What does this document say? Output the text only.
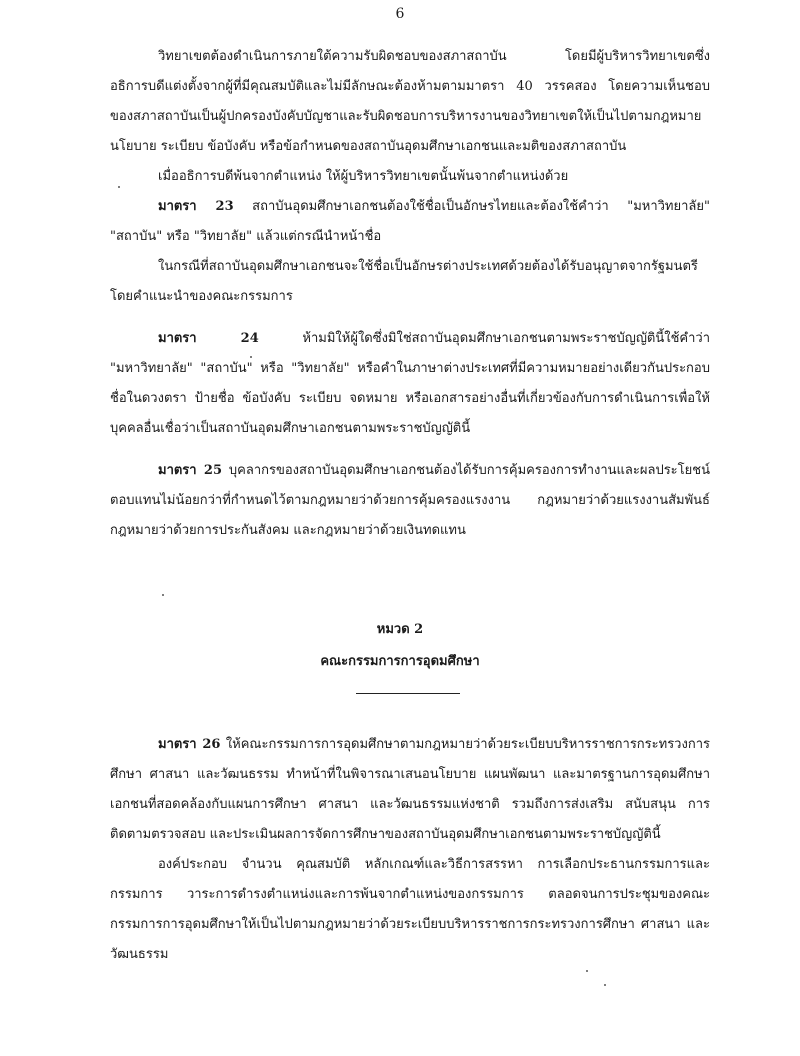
6

วิทยาเขตต้องดำเนินการภายใต้ความรับผิดชอบของสภาสถาบัน โดยมีผู้บริหารวิทยาเขตซึ่งอธิการบดีแต่งตั้งจากผู้ที่มีคุณสมบัติและไม่มีลักษณะต้องห้ามตามมาตรา 40 วรรคสอง โดยความเห็นชอบของสภาสถาบันเป็นผู้ปกครองบังคับบัญชาและรับผิดชอบการบริหารงานของวิทยาเขตให้เป็นไปตามกฎหมาย นโยบาย ระเบียบ ข้อบังคับ หรือข้อกำหนดของสถาบันอุดมศึกษาเอกชนและมติของสภาสถาบัน

เมื่ออธิการบดีพ้นจากตำแหน่ง ให้ผู้บริหารวิทยาเขตนั้นพ้นจากตำแหน่งด้วย

มาตรา 23 สถาบันอุดมศึกษาเอกชนต้องใช้ชื่อเป็นอักษรไทยและต้องใช้คำว่า "มหาวิทยาลัย" "สถาบัน" หรือ "วิทยาลัย" แล้วแต่กรณีนำหน้าชื่อ

ในกรณีที่สถาบันอุดมศึกษาเอกชนจะใช้ชื่อเป็นอักษรต่างประเทศด้วยต้องได้รับอนุญาตจากรัฐมนตรีโดยคำแนะนำของคณะกรรมการ

มาตรา 24 ห้ามมิให้ผู้ใดซึ่งมิใช่สถาบันอุดมศึกษาเอกชนตามพระราชบัญญัตินี้ใช้คำว่า "มหาวิทยาลัย" "สถาบัน" หรือ "วิทยาลัย" หรือคำในภาษาต่างประเทศที่มีความหมายอย่างเดียวกันประกอบชื่อในดวงตรา ป้ายชื่อ ข้อบังคับ ระเบียบ จดหมาย หรือเอกสารอย่างอื่นที่เกี่ยวข้องกับการดำเนินการเพื่อให้บุคคลอื่นเชื่อว่าเป็นสถาบันอุดมศึกษาเอกชนตามพระราชบัญญัตินี้

มาตรา 25 บุคลากรของสถาบันอุดมศึกษาเอกชนต้องได้รับการคุ้มครองการทำงานและผลประโยชน์ตอบแทนไม่น้อยกว่าที่กำหนดไว้ตามกฎหมายว่าด้วยการคุ้มครองแรงงาน กฎหมายว่าด้วยแรงงานสัมพันธ์ กฎหมายว่าด้วยการประกันสังคม และกฎหมายว่าด้วยเงินทดแทน

หมวด 2
คณะกรรมการการอุดมศึกษา

มาตรา 26 ให้คณะกรรมการการอุดมศึกษาตามกฎหมายว่าด้วยระเบียบบริหารราชการกระทรวงการศึกษา ศาสนา และวัฒนธรรม ทำหน้าที่ในพิจารณาเสนอนโยบาย แผนพัฒนา และมาตรฐานการอุดมศึกษาเอกชนที่สอดคล้องกับแผนการศึกษา ศาสนา และวัฒนธรรมแห่งชาติ รวมถึงการส่งเสริม สนับสนุน การติดตามตรวจสอบ และประเมินผลการจัดการศึกษาของสถาบันอุดมศึกษาเอกชนตามพระราชบัญญัตินี้

องค์ประกอบ จำนวน คุณสมบัติ หลักเกณฑ์และวิธีการสรรหา การเลือกประธานกรรมการและกรรมการ วาระการดำรงตำแหน่งและการพ้นจากตำแหน่งของกรรมการ ตลอดจนการประชุมของคณะกรรมการการอุดมศึกษาให้เป็นไปตามกฎหมายว่าด้วยระเบียบบริหารราชการกระทรวงการศึกษา ศาสนา และวัฒนธรรม
